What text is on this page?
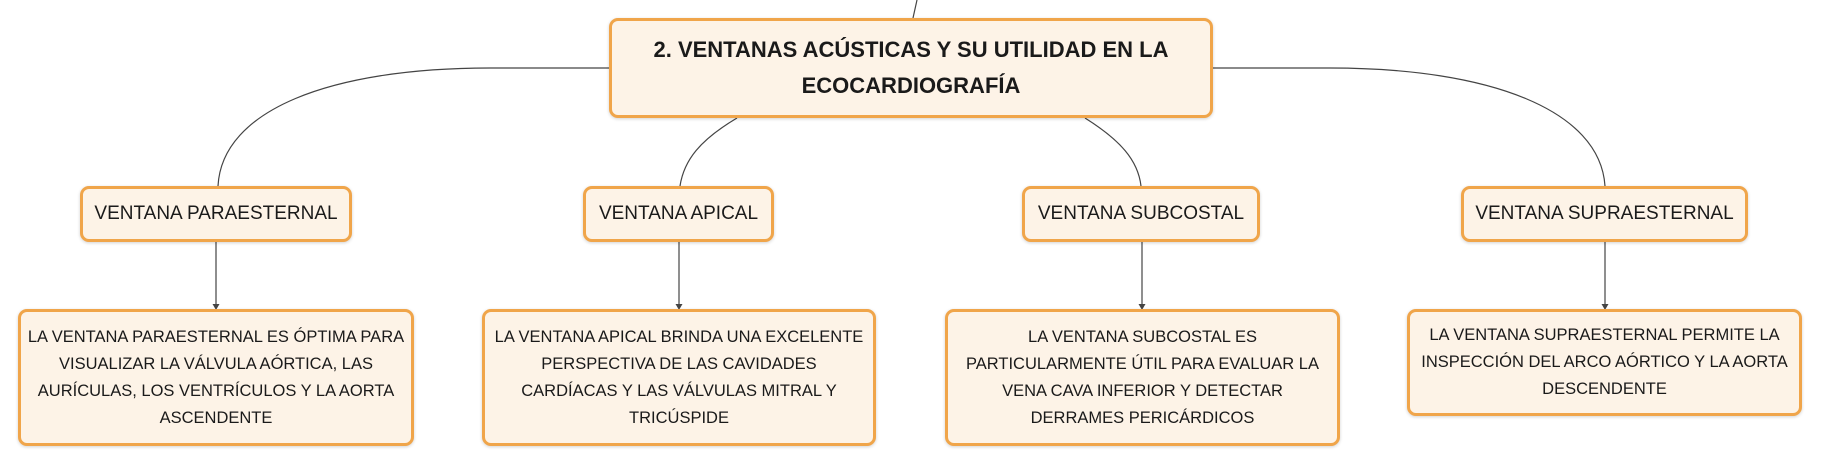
2. VENTANAS ACÚSTICAS Y SU UTILIDAD EN LA ECOCARDIOGRAFÍA
VENTANA PARAESTERNAL	VENTANA APICAL	VENTANA SUBCOSTAL	VENTANA SUPRAESTERNAL
LA VENTANA PARAESTERNAL ES ÓPTIMA PARA VISUALIZAR LA VÁLVULA AÓRTICA, LAS AURÍCULAS, LOS VENTRÍCULOS Y LA AORTA ASCENDENTE
LA VENTANA APICAL BRINDA UNA EXCELENTE PERSPECTIVA DE LAS CAVIDADES CARDÍACAS Y LAS VÁLVULAS MITRAL Y TRICÚSPIDE
LA VENTANA SUBCOSTAL ES PARTICULARMENTE ÚTIL PARA EVALUAR LA VENA CAVA INFERIOR Y DETECTAR DERRAMES PERICÁRDICOS
LA VENTANA SUPRAESTERNAL PERMITE LA INSPECCIÓN DEL ARCO AÓRTICO Y LA AORTA DESCENDENTE
